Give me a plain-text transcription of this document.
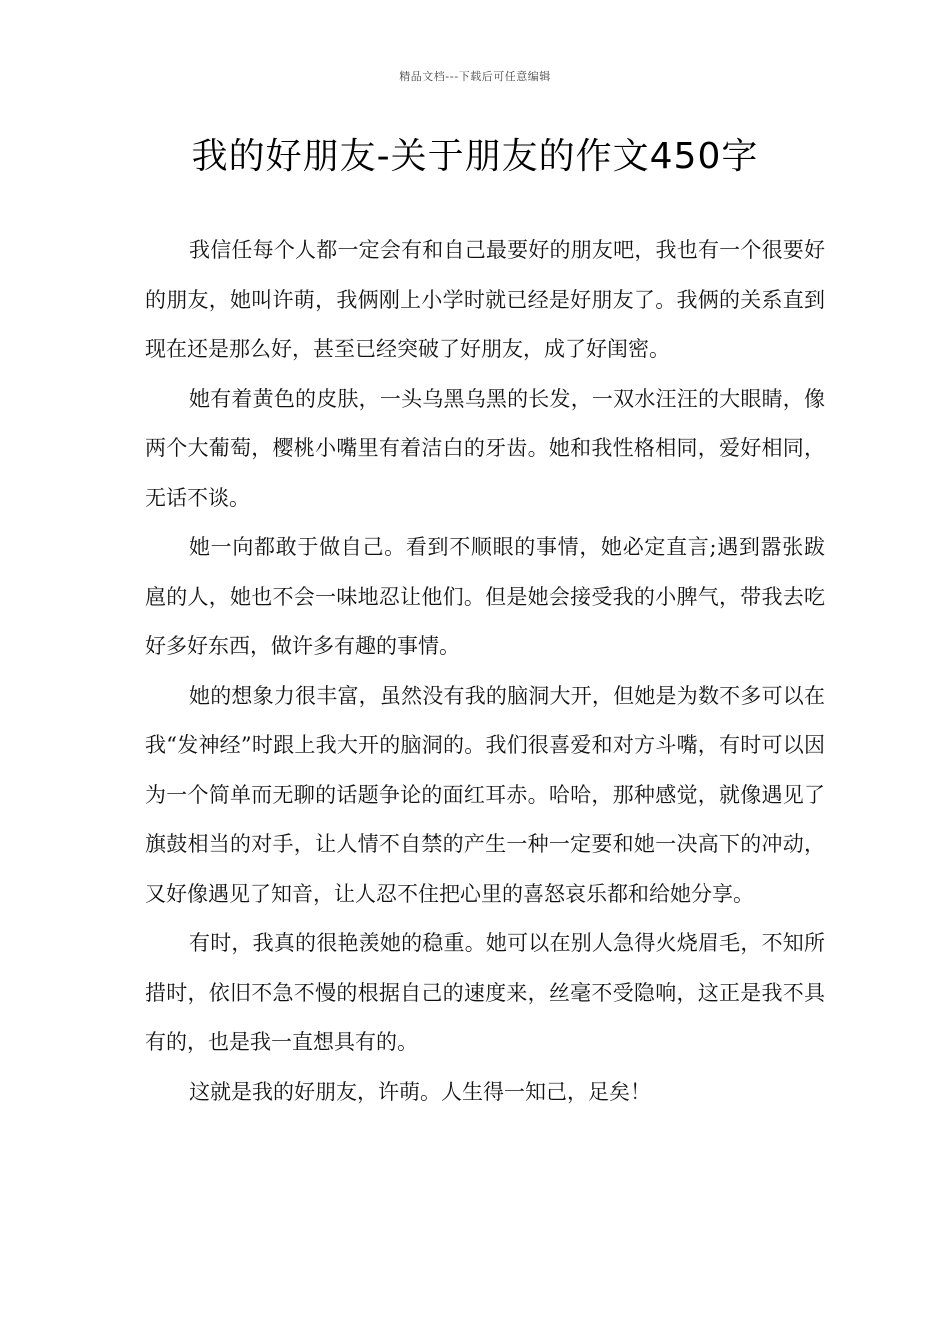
精品文档---下载后可任意编辑
我的好朋友-关于朋友的作文450字

我信任每个人都一定会有和自己最要好的朋友吧，我也有一个很要好的朋友，她叫许萌，我俩刚上小学时就已经是好朋友了。我俩的关系直到现在还是那么好，甚至已经突破了好朋友，成了好闺密。

她有着黄色的皮肤，一头乌黑乌黑的长发，一双水汪汪的大眼睛，像两个大葡萄，樱桃小嘴里有着洁白的牙齿。她和我性格相同，爱好相同，无话不谈。

她一向都敢于做自己。看到不顺眼的事情，她必定直言;遇到嚣张跋扈的人，她也不会一味地忍让他们。但是她会接受我的小脾气，带我去吃好多好东西，做许多有趣的事情。

她的想象力很丰富，虽然没有我的脑洞大开，但她是为数不多可以在我“发神经”时跟上我大开的脑洞的。我们很喜爱和对方斗嘴，有时可以因为一个简单而无聊的话题争论的面红耳赤。哈哈，那种感觉，就像遇见了旗鼓相当的对手，让人情不自禁的产生一种一定要和她一决高下的冲动，又好像遇见了知音，让人忍不住把心里的喜怒哀乐都和给她分享。

有时，我真的很艳羡她的稳重。她可以在别人急得火烧眉毛，不知所措时，依旧不急不慢的根据自己的速度来，丝毫不受隐响，这正是我不具有的，也是我一直想具有的。

这就是我的好朋友，许萌。人生得一知己，足矣！
